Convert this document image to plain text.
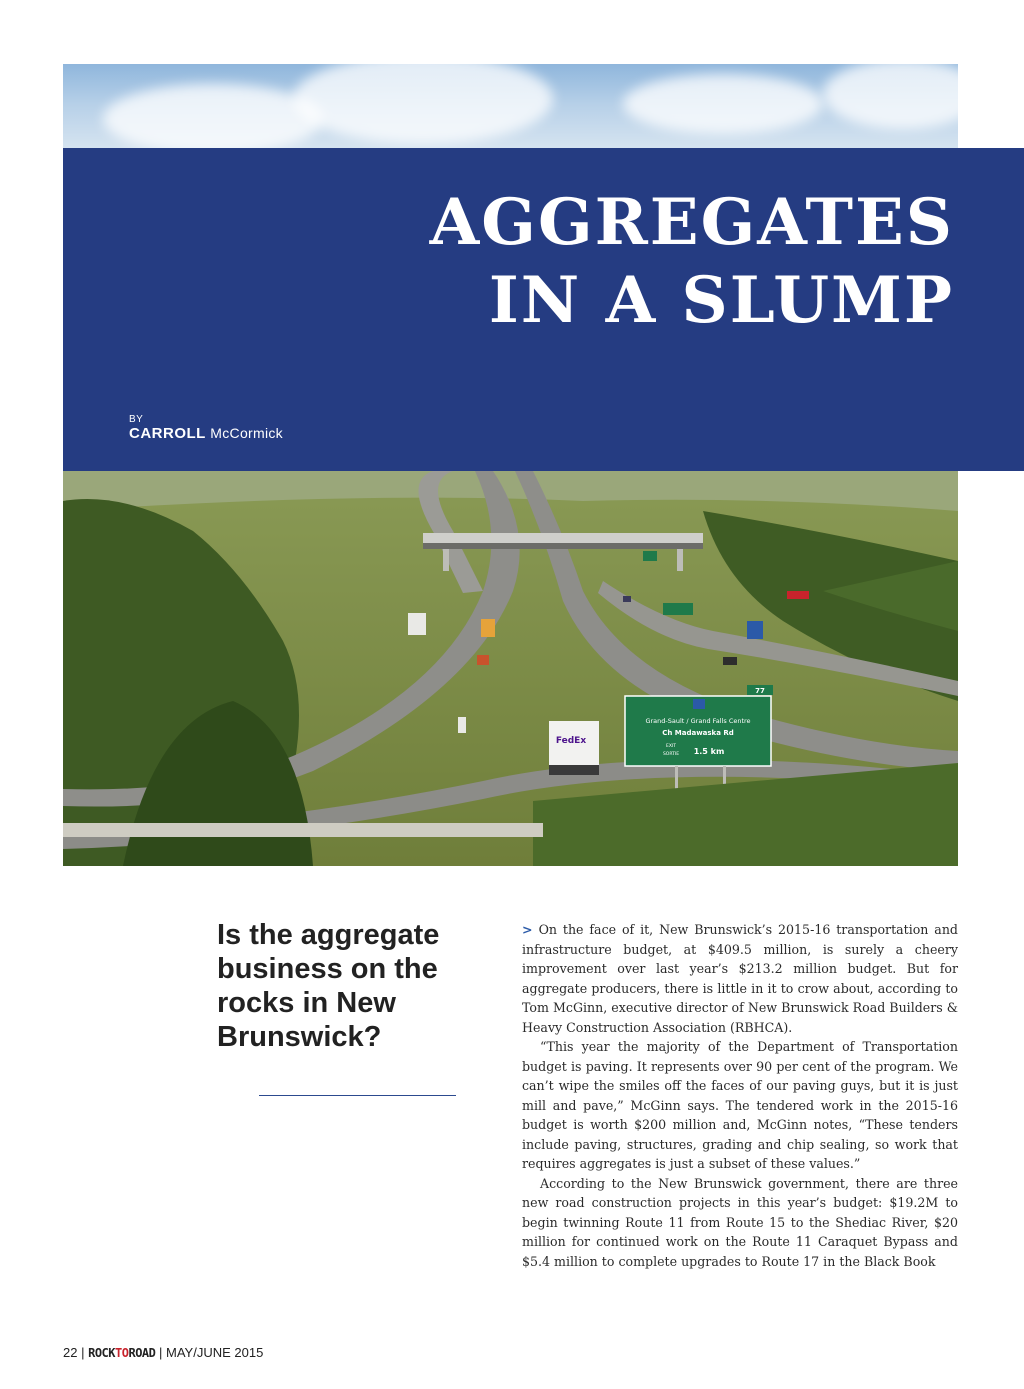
AGGREGATES
IN A SLUMP
BY
CARROLL McCormick
Grand-Sault / Grand Falls Centre
Ch Madawaska Rd
EXIT
SORTIE 1.5 km
77
FedEx
Is the aggregate business on the rocks in New Brunswick?

> On the face of it, New Brunswick’s 2015-16 transportation and infrastructure budget, at $409.5 million, is surely a cheery improvement over last year’s $213.2 million budget. But for aggregate producers, there is little in it to crow about, according to Tom McGinn, executive director of New Brunswick Road Builders & Heavy Construction Association (RBHCA).

“This year the majority of the Department of Transportation budget is paving. It represents over 90 per cent of the program. We can’t wipe the smiles off the faces of our paving guys, but it is just mill and pave,” McGinn says. The tendered work in the 2015-16 budget is worth $200 million and, McGinn notes, “These tenders include paving, structures, grading and chip sealing, so work that requires aggregates is just a subset of these values.”

According to the New Brunswick government, there are three new road construction projects in this year’s budget: $19.2M to begin twinning Route 11 from Route 15 to the Shediac River, $20 million for continued work on the Route 11 Caraquet Bypass and $5.4 million to complete upgrades to Route 17 in the Black Book

22 | ROCKTOROAD | MAY/JUNE 2015
